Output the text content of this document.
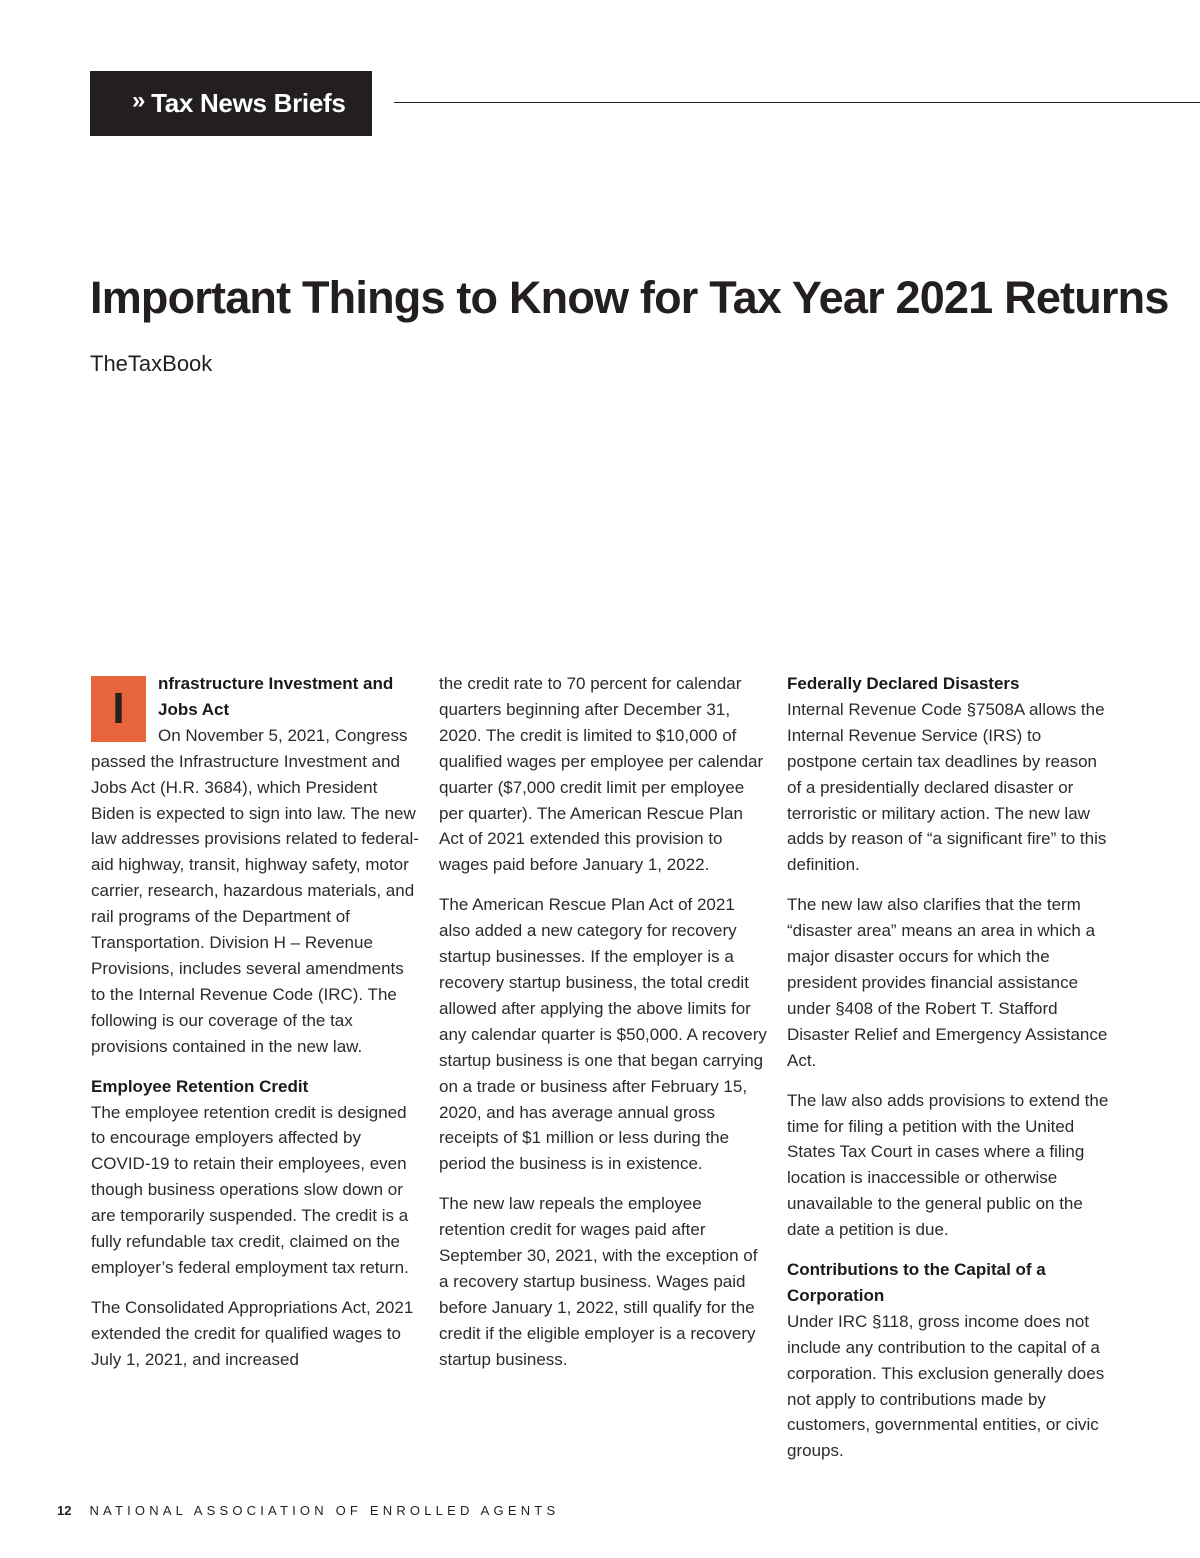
» Tax News Briefs
Important Things to Know for Tax Year 2021 Returns
TheTaxBook
I
nfrastructure Investment and Jobs Act

On November 5, 2021, Congress passed the Infrastructure Investment and Jobs Act (H.R. 3684), which President Biden is expected to sign into law. The new law addresses provisions related to federal-aid highway, transit, highway safety, motor carrier, research, hazardous materials, and rail programs of the Department of Transportation. Division H – Revenue Provisions, includes several amendments to the Internal Revenue Code (IRC). The following is our coverage of the tax provisions contained in the new law.

Employee Retention Credit

The employee retention credit is designed to encourage employers affected by COVID-19 to retain their employees, even though business operations slow down or are temporarily suspended. The credit is a fully refundable tax credit, claimed on the employer’s federal employment tax return.

The Consolidated Appropriations Act, 2021 extended the credit for qualified wages to July 1, 2021, and increased

the credit rate to 70 percent for calendar quarters beginning after December 31, 2020. The credit is limited to $10,000 of qualified wages per employee per calendar quarter ($7,000 credit limit per employee per quarter). The American Rescue Plan Act of 2021 extended this provision to wages paid before January 1, 2022.

The American Rescue Plan Act of 2021 also added a new category for recovery startup businesses. If the employer is a recovery startup business, the total credit allowed after applying the above limits for any calendar quarter is $50,000. A recovery startup business is one that began carrying on a trade or business after February 15, 2020, and has average annual gross receipts of $1 million or less during the period the business is in existence.

The new law repeals the employee retention credit for wages paid after September 30, 2021, with the exception of a recovery startup business. Wages paid before January 1, 2022, still qualify for the credit if the eligible employer is a recovery startup business.

Federally Declared Disasters

Internal Revenue Code §7508A allows the Internal Revenue Service (IRS) to postpone certain tax deadlines by reason of a presidentially declared disaster or terroristic or military action. The new law adds by reason of “a significant fire” to this definition.

The new law also clarifies that the term “disaster area” means an area in which a major disaster occurs for which the president provides financial assistance under §408 of the Robert T. Stafford Disaster Relief and Emergency Assistance Act.

The law also adds provisions to extend the time for filing a petition with the United States Tax Court in cases where a filing location is inaccessible or otherwise unavailable to the general public on the date a petition is due.

Contributions to the Capital of a Corporation

Under IRC §118, gross income does not include any contribution to the capital of a corporation. This exclusion generally does not apply to contributions made by customers, governmental entities, or civic groups.

12 NATIONAL ASSOCIATION OF ENROLLED AGENTS
